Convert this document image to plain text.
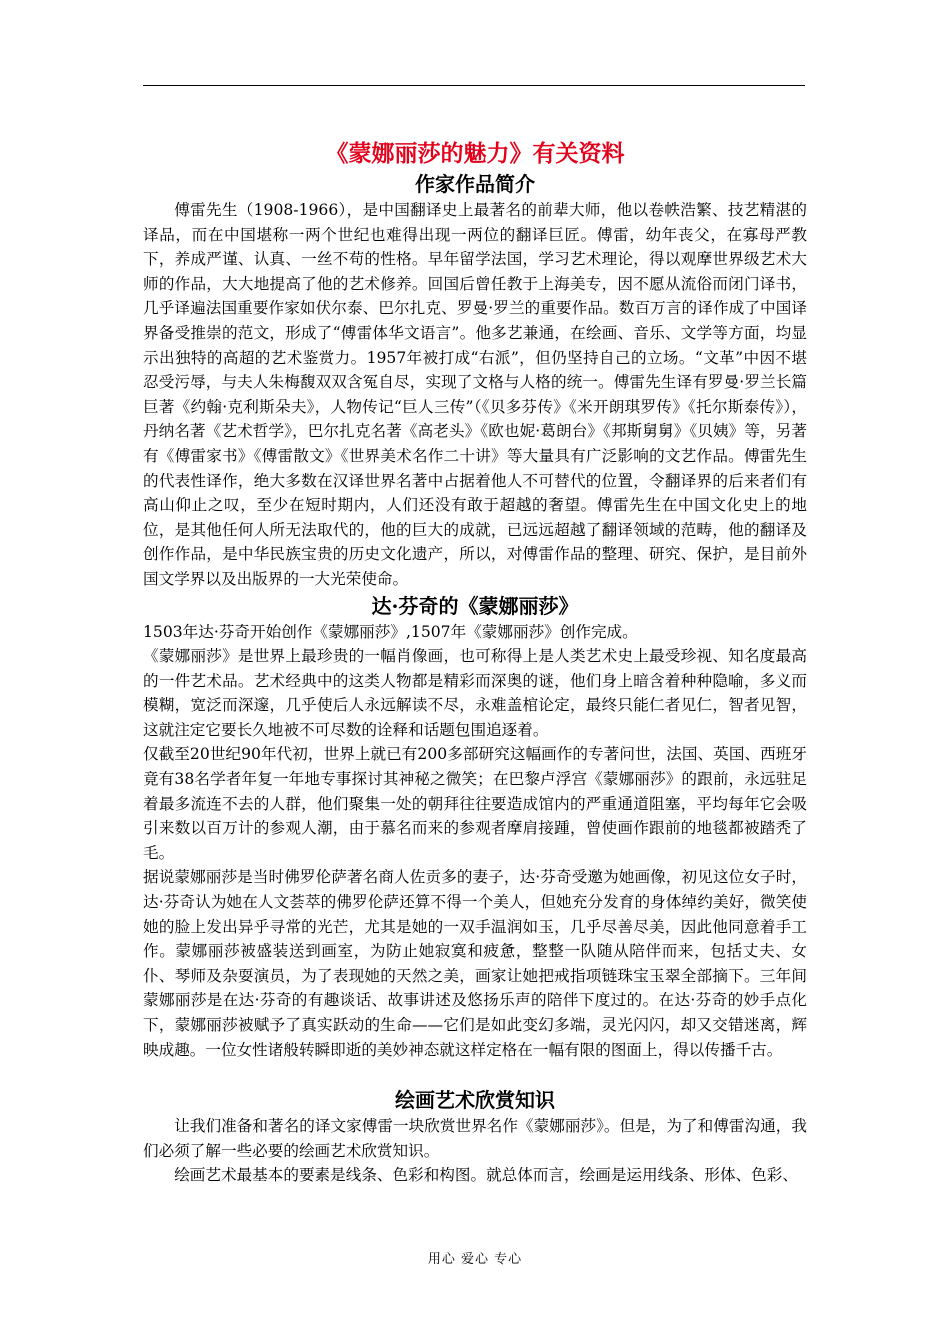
《蒙娜丽莎的魅力》有关资料
作家作品简介

傅雷先生（1908-1966），是中国翻译史上最著名的前辈大师，他以卷帙浩繁、技艺精湛的译品，而在中国堪称一两个世纪也难得出现一两位的翻译巨匠。傅雷，幼年丧父，在寡母严教下，养成严谨、认真、一丝不苟的性格。早年留学法国，学习艺术理论，得以观摩世界级艺术大师的作品，大大地提高了他的艺术修养。回国后曾任教于上海美专，因不愿从流俗而闭门译书，几乎译遍法国重要作家如伏尔泰、巴尔扎克、罗曼·罗兰的重要作品。数百万言的译作成了中国译界备受推崇的范文，形成了“傅雷体华文语言”。他多艺兼通，在绘画、音乐、文学等方面，均显示出独特的高超的艺术鉴赏力。1957年被打成“右派”，但仍坚持自己的立场。“文革”中因不堪忍受污辱，与夫人朱梅馥双双含冤自尽，实现了文格与人格的统一。傅雷先生译有罗曼·罗兰长篇巨著《约翰·克利斯朵夫》，人物传记“巨人三传”（《贝多芬传》《米开朗琪罗传》《托尔斯泰传》），丹纳名著《艺术哲学》，巴尔扎克名著《高老头》《欧也妮·葛朗台》《邦斯舅舅》《贝姨》等，另著有《傅雷家书》《傅雷散文》《世界美术名作二十讲》等大量具有广泛影响的文艺作品。傅雷先生的代表性译作，绝大多数在汉译世界名著中占据着他人不可替代的位置，令翻译界的后来者们有高山仰止之叹，至少在短时期内，人们还没有敢于超越的奢望。傅雷先生在中国文化史上的地位，是其他任何人所无法取代的，他的巨大的成就，已远远超越了翻译领域的范畴，他的翻译及创作作品，是中华民族宝贵的历史文化遗产，所以，对傅雷作品的整理、研究、保护，是目前外国文学界以及出版界的一大光荣使命。

达·芬奇的《蒙娜丽莎》

1503年达·芬奇开始创作《蒙娜丽莎》,1507年《蒙娜丽莎》创作完成。

《蒙娜丽莎》是世界上最珍贵的一幅肖像画，也可称得上是人类艺术史上最受珍视、知名度最高的一件艺术品。艺术经典中的这类人物都是精彩而深奥的谜，他们身上暗含着种种隐喻，多义而模糊，宽泛而深邃，几乎使后人永远解读不尽，永难盖棺论定，最终只能仁者见仁，智者见智，这就注定它要长久地被不可尽数的诠释和话题包围追逐着。

仅截至20世纪90年代初，世界上就已有200多部研究这幅画作的专著问世，法国、英国、西班牙竟有38名学者年复一年地专事探讨其神秘之微笑；在巴黎卢浮宫《蒙娜丽莎》的跟前，永远驻足着最多流连不去的人群，他们聚集一处的朝拜往往要造成馆内的严重通道阻塞，平均每年它会吸引来数以百万计的参观人潮，由于慕名而来的参观者摩肩接踵，曾使画作跟前的地毯都被踏秃了毛。

据说蒙娜丽莎是当时佛罗伦萨著名商人佐贡多的妻子，达·芬奇受邀为她画像，初见这位女子时，达·芬奇认为她在人文荟萃的佛罗伦萨还算不得一个美人，但她充分发育的身体绰约美好，微笑使她的脸上发出异乎寻常的光芒，尤其是她的一双手温润如玉，几乎尽善尽美，因此他同意着手工作。蒙娜丽莎被盛装送到画室，为防止她寂寞和疲惫，整整一队随从陪伴而来，包括丈夫、女仆、琴师及杂耍演员，为了表现她的天然之美，画家让她把戒指项链珠宝玉翠全部摘下。三年间蒙娜丽莎是在达·芬奇的有趣谈话、故事讲述及悠扬乐声的陪伴下度过的。在达·芬奇的妙手点化下，蒙娜丽莎被赋予了真实跃动的生命——它们是如此变幻多端，灵光闪闪，却又交错迷离，辉映成趣。一位女性诸般转瞬即逝的美妙神态就这样定格在一幅有限的图面上，得以传播千古。

绘画艺术欣赏知识

让我们准备和著名的译文家傅雷一块欣赏世界名作《蒙娜丽莎》。但是，为了和傅雷沟通，我们必须了解一些必要的绘画艺术欣赏知识。

绘画艺术最基本的要素是线条、色彩和构图。就总体而言，绘画是运用线条、形体、色彩、

用心 爱心 专心
